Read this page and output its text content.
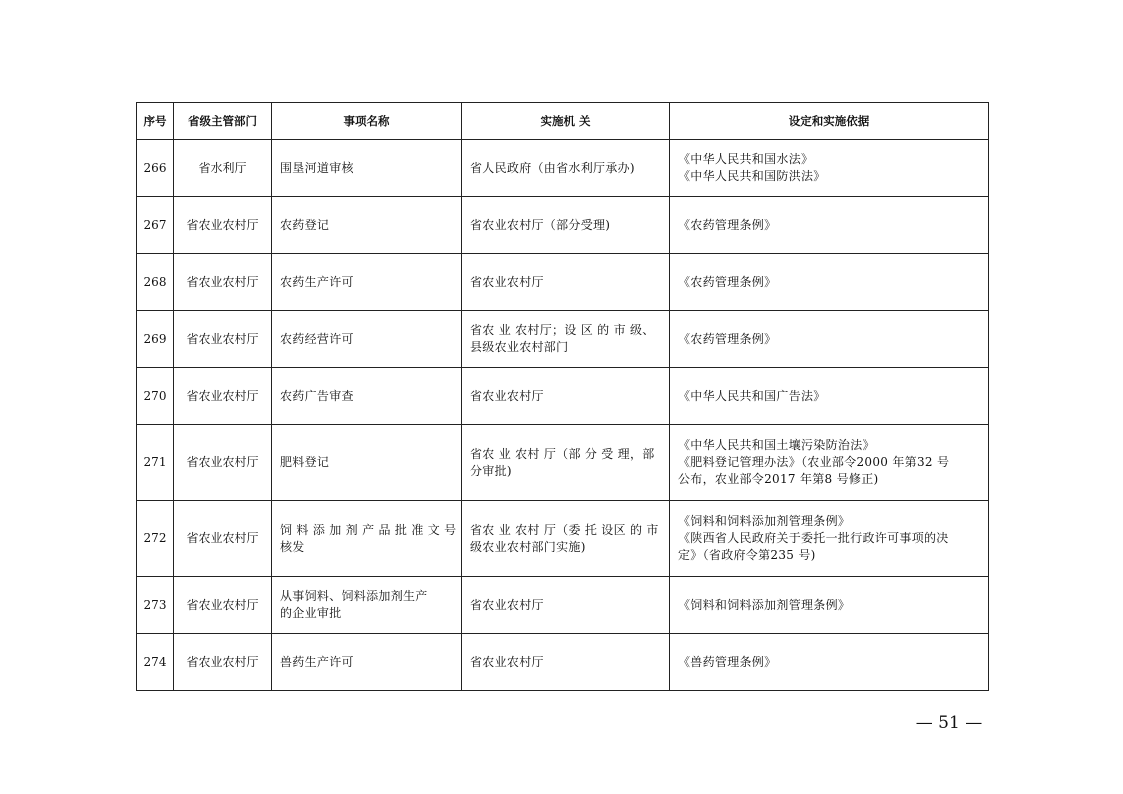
序号	省级主管部门	事项名称	实施机 关	设定和实施依据
266	省水利厅	围垦河道审核	省人民政府（由省水利厅承办)	《中华人民共和国水法》
《中华人民共和国防洪法》

267	省农业农村厅	农药登记	省农业农村厅（部分受理)	《农药管理条例》

268	省农业农村厅	农药生产许可	省农业农村厅	《农药管理条例》

269	省农业农村厅	农药经营许可	省农 业 农村厅；设 区 的 市 级、
县级农业农村部门	《农药管理条例》

270	省农业农村厅	农药广告审查	省农业农村厅	《中华人民共和国广告法》

271	省农业农村厅	肥料登记	省农 业 农村 厅（部 分 受 理，部
分审批)	《中华人民共和国土壤污染防治法》
《肥料登记管理办法》（农业部令2000 年第32 号
公布，农业部令2017 年第8 号修正)

272	省农业农村厅	饲 料 添 加 剂 产 品 批 准 文 号
核发	省农 业 农村 厅（委 托 设区 的 市
级农业农村部门实施)	《饲料和饲料添加剂管理条例》
《陕西省人民政府关于委托一批行政许可事项的决
定》（省政府令第235 号)

273	省农业农村厅	从事饲料、饲料添加剂生产
的企业审批	省农业农村厅	《饲料和饲料添加剂管理条例》

274	省农业农村厅	兽药生产许可	省农业农村厅	《兽药管理条例》
— 51 —
